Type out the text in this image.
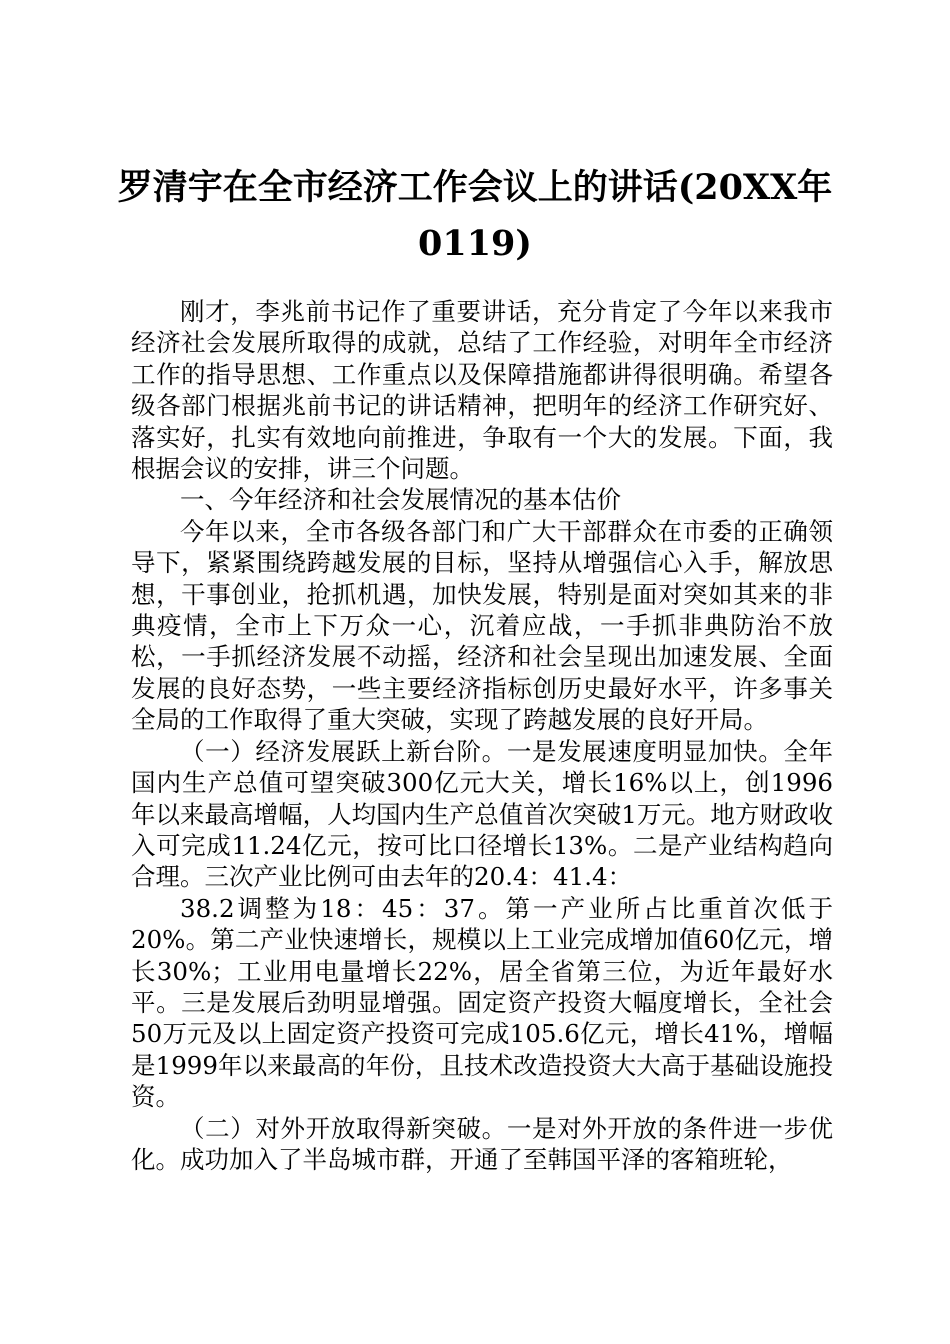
罗清宇在全市经济工作会议上的讲话(20XX年
0119)

刚才，李兆前书记作了重要讲话，充分肯定了今年以来我市经济社会发展所取得的成就，总结了工作经验，对明年全市经济工作的指导思想、工作重点以及保障措施都讲得很明确。希望各级各部门根据兆前书记的讲话精神，把明年的经济工作研究好、落实好，扎实有效地向前推进，争取有一个大的发展。下面，我根据会议的安排，讲三个问题。

一、今年经济和社会发展情况的基本估价

今年以来，全市各级各部门和广大干部群众在市委的正确领导下，紧紧围绕跨越发展的目标，坚持从增强信心入手，解放思想，干事创业，抢抓机遇，加快发展，特别是面对突如其来的非典疫情，全市上下万众一心，沉着应战，一手抓非典防治不放松，一手抓经济发展不动摇，经济和社会呈现出加速发展、全面发展的良好态势，一些主要经济指标创历史最好水平，许多事关全局的工作取得了重大突破，实现了跨越发展的良好开局。

（一）经济发展跃上新台阶。一是发展速度明显加快。全年国内生产总值可望突破300亿元大关，增长16%以上，创1996年以来最高增幅，人均国内生产总值首次突破1万元。地方财政收入可完成11.24亿元，按可比口径增长13%。二是产业结构趋向合理。三次产业比例可由去年的20.4：41.4：

38.2调整为18：45：37。第一产业所占比重首次低于20%。第二产业快速增长，规模以上工业完成增加值60亿元，增长30%；工业用电量增长22%，居全省第三位，为近年最好水平。三是发展后劲明显增强。固定资产投资大幅度增长，全社会50万元及以上固定资产投资可完成105.6亿元，增长41%，增幅是1999年以来最高的年份，且技术改造投资大大高于基础设施投资。

（二）对外开放取得新突破。一是对外开放的条件进一步优化。成功加入了半岛城市群，开通了至韩国平泽的客箱班轮，
